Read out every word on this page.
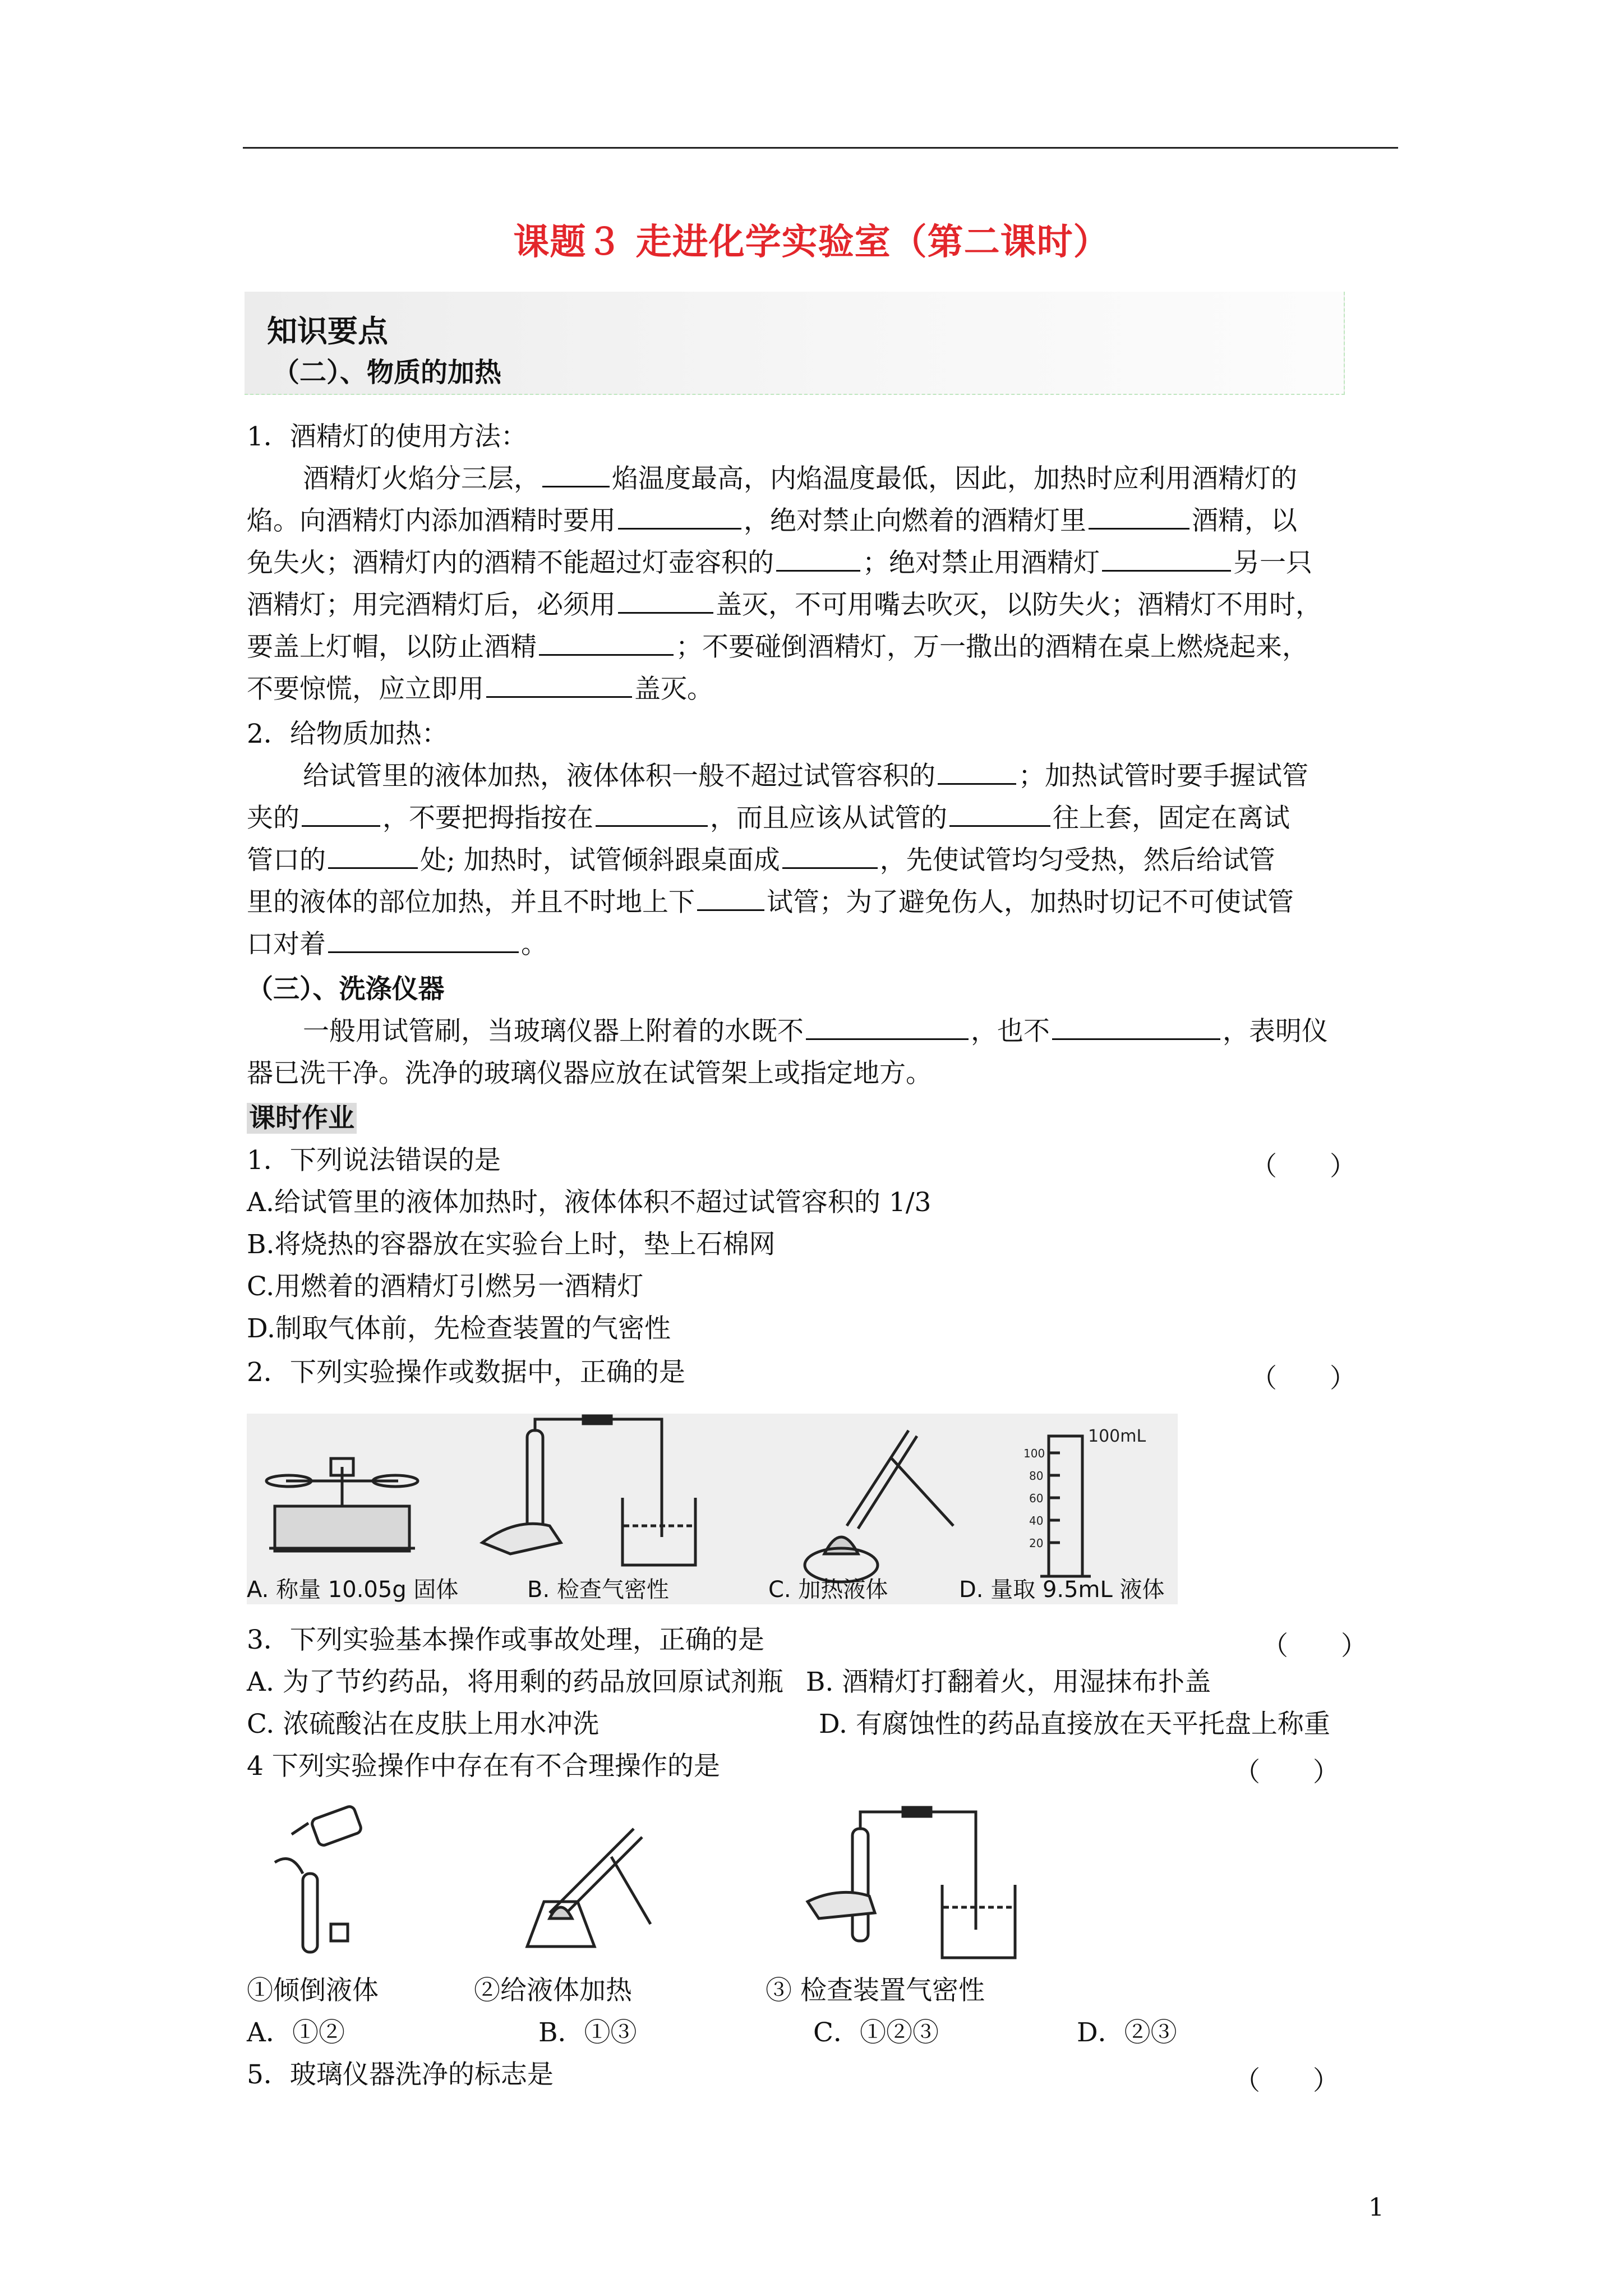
课题３ 走进化学实验室（第二课时）
知识要点
（二）、物质的加热
1．酒精灯的使用方法：
酒精灯火焰分三层，	焰温度最高，内焰温度最低，因此，加热时应利用酒精灯的
焰。向酒精灯内添加酒精时要用	，绝对禁止向燃着的酒精灯里	酒精，以
免失火；酒精灯内的酒精不能超过灯壶容积的	；绝对禁止用酒精灯	另一只
酒精灯；用完酒精灯后，必须用	盖灭，不可用嘴去吹灭，以防失火；酒精灯不用时，
要盖上灯帽，以防止酒精	；不要碰倒酒精灯，万一撒出的酒精在桌上燃烧起来，
不要惊慌，应立即用	盖灭。
2．给物质加热：
给试管里的液体加热，液体体积一般不超过试管容积的	；加热试管时要手握试管
夹的	，不要把拇指按在	，而且应该从试管的	往上套，固定在离试
管口的	处; 加热时，试管倾斜跟桌面成	，先使试管均匀受热，然后给试管
里的液体的部位加热，并且不时地上下	试管；为了避免伤人，加热时切记不可使试管
口对着	。
（三）、洗涤仪器
一般用试管刷，当玻璃仪器上附着的水既不	，也不	，表明仪
器已洗干净。洗净的玻璃仪器应放在试管架上或指定地方。
课时作业
1．下列说法错误的是	（　　）
A.给试管里的液体加热时，液体体积不超过试管容积的 1/3
B.将烧热的容器放在实验台上时，垫上石棉网
C.用燃着的酒精灯引燃另一酒精灯
D.制取气体前，先检查装置的气密性
2．下列实验操作或数据中，正确的是	（　　）
100mL
100
80
60
40
20
A. 称量 10.05g 固体	B. 检查气密性	C. 加热液体	D. 量取 9.5mL 液体
3．下列实验基本操作或事故处理，正确的是	（　　）
A. 为了节约药品，将用剩的药品放回原试剂瓶 B. 酒精灯打翻着火，用湿抹布扑盖
C. 浓硫酸沾在皮肤上用水冲洗	D. 有腐蚀性的药品直接放在天平托盘上称重
4 下列实验操作中存在有不合理操作的是	（　　）
①倾倒液体	②给液体加热	③ 检查装置气密性
A．①②	B．①③	C．①②③	D．②③
5．玻璃仪器洗净的标志是	（　　）
1
